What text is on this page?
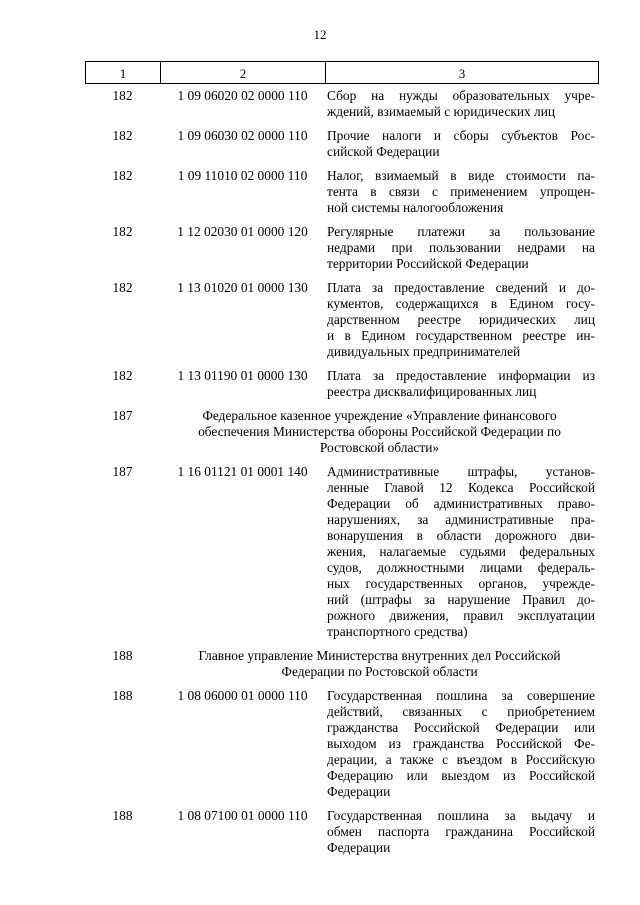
12
1	2	3
182	1 09 06020 02 0000 110	Сбор на нужды образовательных учре-
ждений, взимаемый с юридических лиц
182	1 09 06030 02 0000 110	Прочие налоги и сборы субъектов Рос-
сийской Федерации
182	1 09 11010 02 0000 110	Налог, взимаемый в виде стоимости па-
тента в связи с применением упрощен-
ной системы налогообложения
182	1 12 02030 01 0000 120	Регулярные платежи за пользование
недрами при пользовании недрами на
территории Российской Федерации
182	1 13 01020 01 0000 130	Плата за предоставление сведений и до-
кументов, содержащихся в Едином госу-
дарственном реестре юридических лиц
и в Едином государственном реестре ин-
дивидуальных предпринимателей
182	1 13 01190 01 0000 130	Плата за предоставление информации из
реестра дисквалифицированных лиц
187	Федеральное казенное учреждение «Управление финансового
обеспечения Министерства обороны Российской Федерации по
Ростовской области»
187	1 16 01121 01 0001 140	Административные штрафы, установ-
ленные Главой 12 Кодекса Российской
Федерации об административных право-
нарушениях, за административные пра-
вонарушения в области дорожного дви-
жения, налагаемые судьями федеральных
судов, должностными лицами федераль-
ных государственных органов, учрежде-
ний (штрафы за нарушение Правил до-
рожного движения, правил эксплуатации
транспортного средства)
188	Главное управление Министерства внутренних дел Российской
Федерации по Ростовской области
188	1 08 06000 01 0000 110	Государственная пошлина за совершение
действий, связанных с приобретением
гражданства Российской Федерации или
выходом из гражданства Российской Фе-
дерации, а также с въездом в Российскую
Федерацию или выездом из Российской
Федерации
188	1 08 07100 01 0000 110	Государственная пошлина за выдачу и
обмен паспорта гражданина Российской
Федерации
